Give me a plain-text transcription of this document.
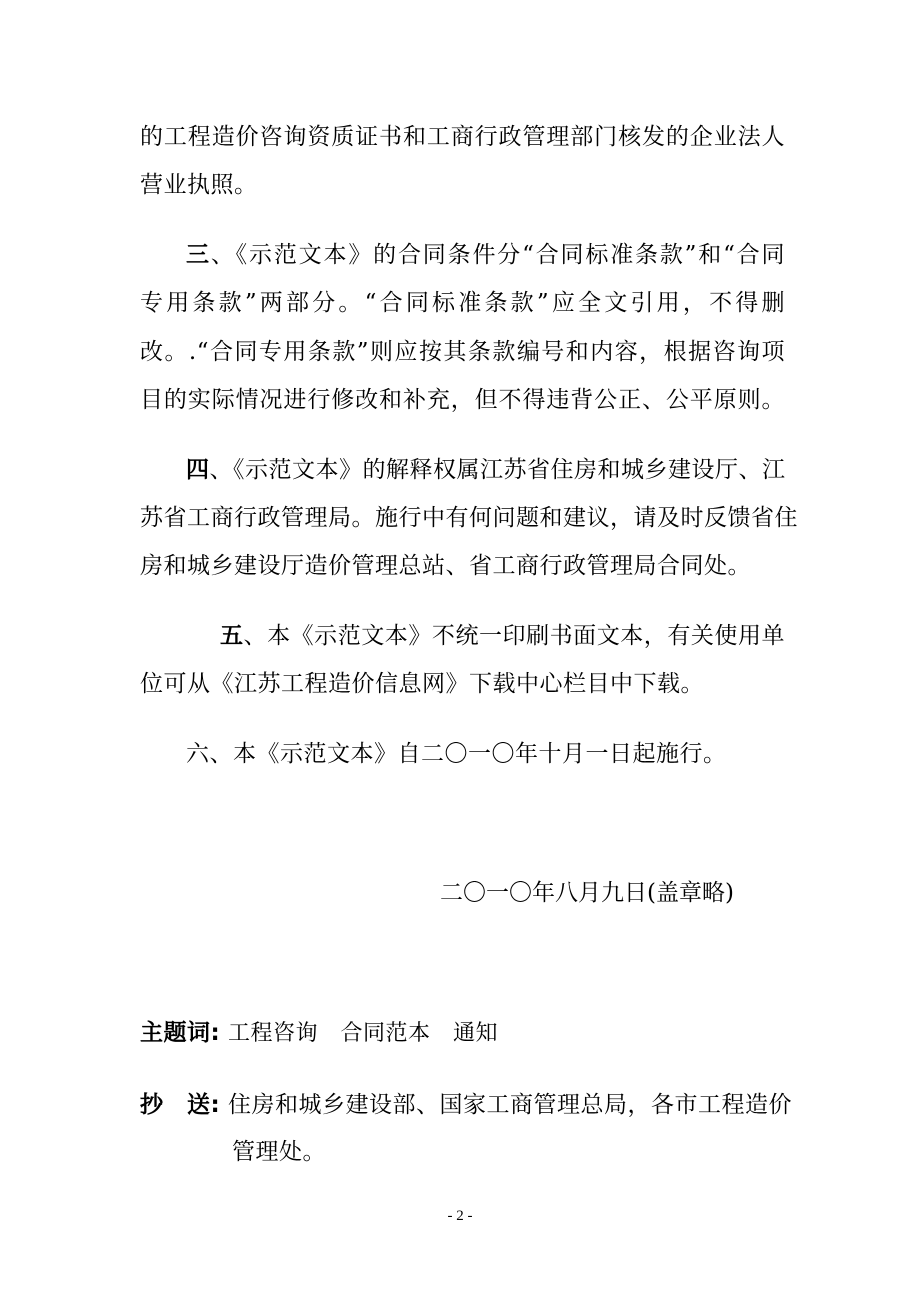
的工程造价咨询资质证书和工商行政管理部门核发的企业法人
营业执照。
三、《示范文本》的合同条件分“合同标准条款”和“合同
专用条款”两部分。“合同标准条款”应全文引用，不得删
改。.“合同专用条款”则应按其条款编号和内容，根据咨询项
目的实际情况进行修改和补充，但不得违背公正、公平原则。
四、《示范文本》的解释权属江苏省住房和城乡建设厅、江
苏省工商行政管理局。施行中有何问题和建议，请及时反馈省住
房和城乡建设厅造价管理总站、省工商行政管理局合同处。
五、本《示范文本》不统一印刷书面文本，有关使用单
位可从《江苏工程造价信息网》下载中心栏目中下载。
六、本《示范文本》自二〇一〇年十月一日起施行。
二〇一〇年八月九日(盖章略)
主题词: 工程咨询　合同范本　通知
抄　送: 住房和城乡建设部、国家工商管理总局，各市工程造价
管理处。
- 2 -
